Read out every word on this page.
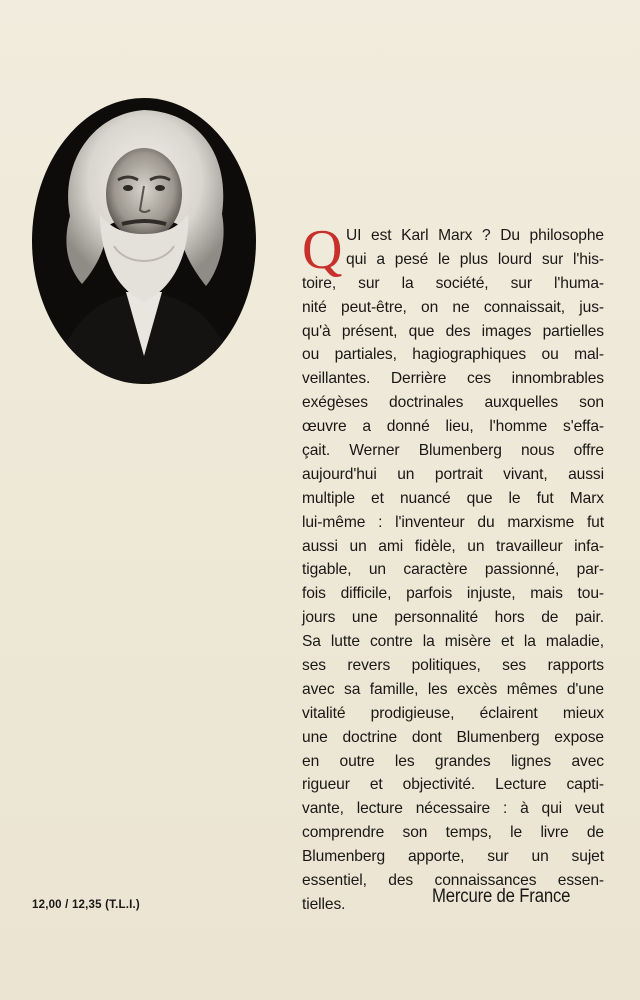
Q UI est Karl Marx ? Du philosophe
qui a pesé le plus lourd sur l'his-
toire, sur la société, sur l'huma-
nité peut-être, on ne connaissait, jus-
qu'à présent, que des images partielles
ou partiales, hagiographiques ou mal-
veillantes. Derrière ces innombrables
exégèses doctrinales auxquelles son
œuvre a donné lieu, l'homme s'effa-
çait. Werner Blumenberg nous offre
aujourd'hui un portrait vivant, aussi
multiple et nuancé que le fut Marx
lui-même : l'inventeur du marxisme fut
aussi un ami fidèle, un travailleur infa-
tigable, un caractère passionné, par-
fois difficile, parfois injuste, mais tou-
jours une personnalité hors de pair.
Sa lutte contre la misère et la maladie,
ses revers politiques, ses rapports
avec sa famille, les excès mêmes d'une
vitalité prodigieuse, éclairent mieux
une doctrine dont Blumenberg expose
en outre les grandes lignes avec
rigueur et objectivité. Lecture capti-
vante, lecture nécessaire : à qui veut
comprendre son temps, le livre de
Blumenberg apporte, sur un sujet
essentiel, des connaissances essen-
tielles.
12,00 / 12,35 (T.L.I.)	Mercure de France
